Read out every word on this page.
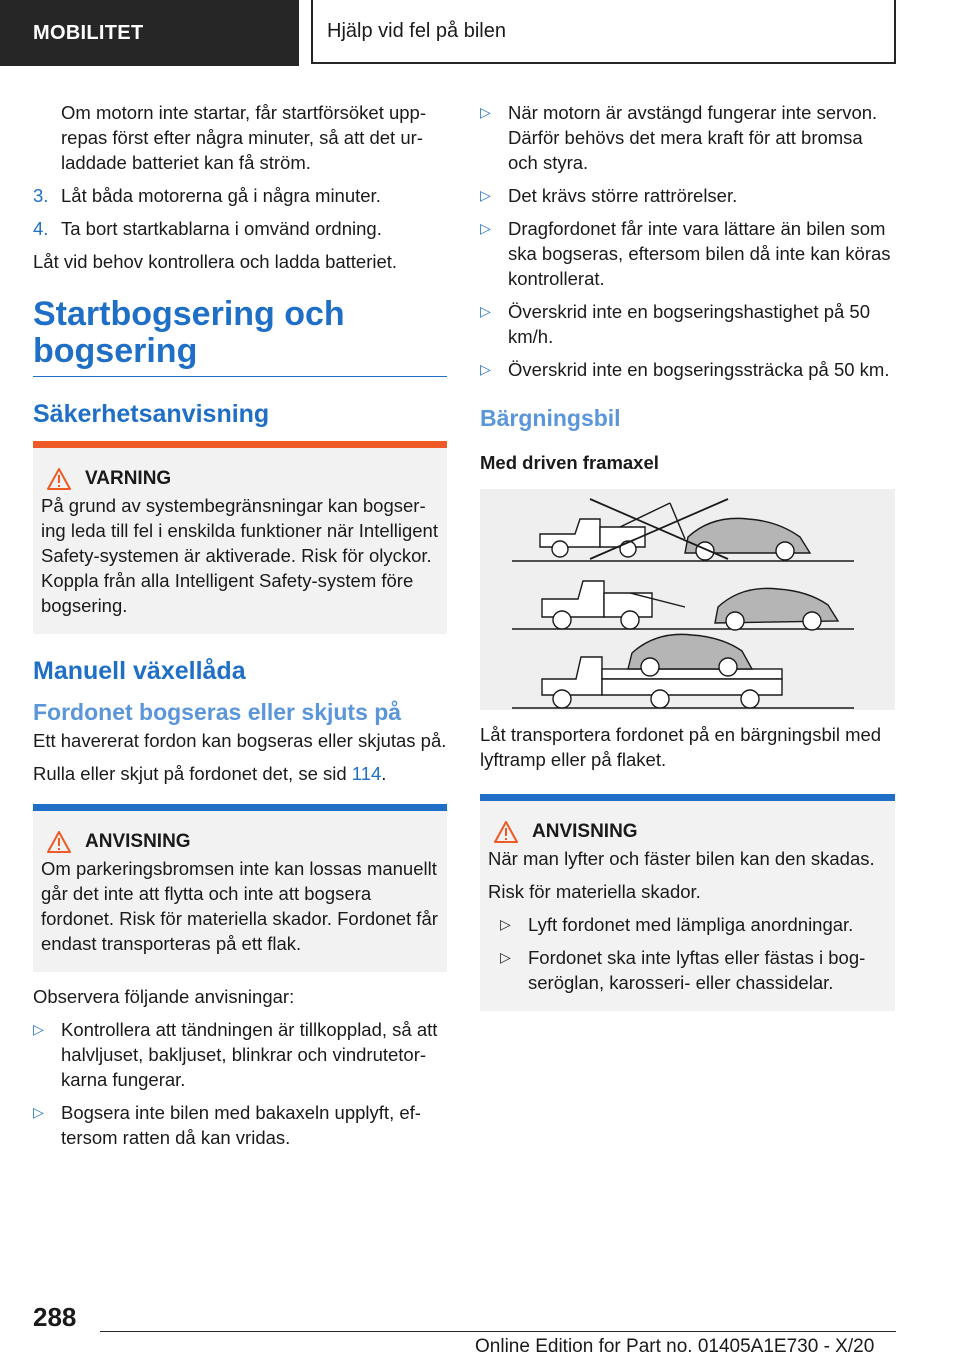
MOBILITET	Hjälp vid fel på bilen

Om motorn inte startar, får startförsöket upprepas först efter några minuter, så att det urladdade batteriet kan få ström.

3. Låt båda motorerna gå i några minuter.
4. Ta bort startkablarna i omvänd ordning.

Låt vid behov kontrollera och ladda batteriet.

Startbogsering och bogsering
Säkerhetsanvisning
VARNING
På grund av systembegränsningar kan bogsering leda till fel i enskilda funktioner när Intelligent Safety-systemen är aktiverade. Risk för olyckor. Koppla från alla Intelligent Safety-system före bogsering.
Manuell växellåda
Fordonet bogseras eller skjuts på

Ett havererat fordon kan bogseras eller skjutas på.

Rulla eller skjut på fordonet det, se sid 114.

ANVISNING
Om parkeringsbromsen inte kan lossas manuellt går det inte att flytta och inte att bogsera fordonet. Risk för materiella skador. Fordonet får endast transporteras på ett flak.

Observera följande anvisningar:

▷ Kontrollera att tändningen är tillkopplad, så att halvljuset, bakljuset, blinkrar och vindrutetorkarna fungerar.
▷ Bogsera inte bilen med bakaxeln upplyft, eftersom ratten då kan vridas.
▷ När motorn är avstängd fungerar inte servon. Därför behövs det mera kraft för att bromsa och styra.
▷ Det krävs större rattrörelser.
▷ Dragfordonet får inte vara lättare än bilen som ska bogseras, eftersom bilen då inte kan köras kontrollerat.
▷ Överskrid inte en bogseringshastighet på 50 km/h.
▷ Överskrid inte en bogseringssträcka på 50 km.
Bärgningsbil
Med driven framaxel

Låt transportera fordonet på en bärgningsbil med lyftramp eller på flaket.

ANVISNING
När man lyfter och fäster bilen kan den skadas.
Risk för materiella skador.
▷ Lyft fordonet med lämpliga anordningar.
▷ Fordonet ska inte lyftas eller fästas i bogseröglan, karosseri- eller chassidelar.
288
Online Edition for Part no. 01405A1E730 - X/20
